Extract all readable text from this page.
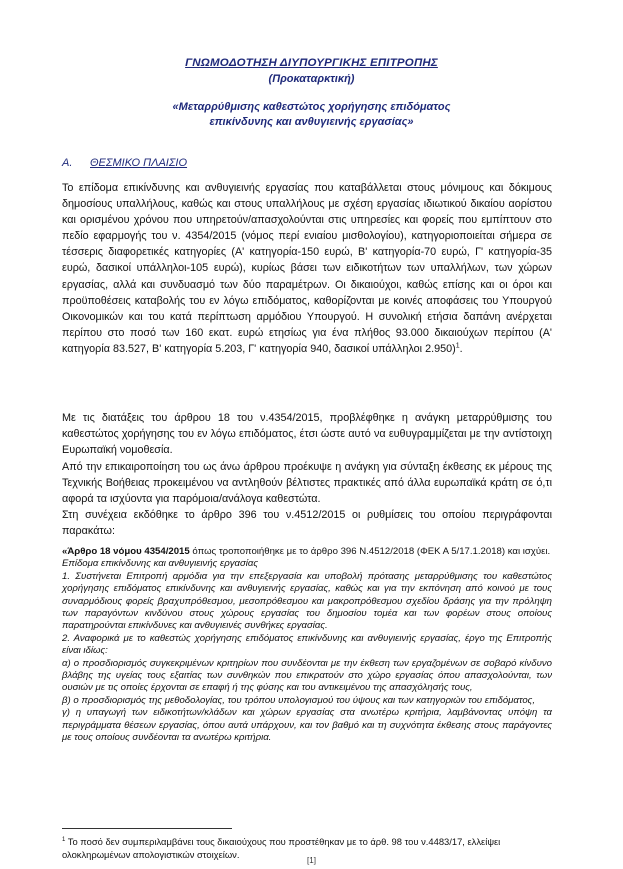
ΓΝΩΜΟΔΟΤΗΣΗ ΔΙΥΠΟΥΡΓΙΚΗΣ ΕΠΙΤΡΟΠΗΣ
(Προκαταρκτική)
«Μεταρρύθμισης καθεστώτος χορήγησης επιδόματος
επικίνδυνης και ανθυγιεινής εργασίας»
Α. ΘΕΣΜΙΚΟ ΠΛΑΙΣΙΟ
Το επίδομα επικίνδυνης και ανθυγιεινής εργασίας που καταβάλλεται στους μόνιμους και δόκιμους δημοσίους υπαλλήλους, καθώς και στους υπαλλήλους με σχέση εργασίας ιδιωτικού δικαίου αορίστου και ορισμένου χρόνου που υπηρετούν/απασχολούνται στις υπηρεσίες και φορείς που εμπίπτουν στο πεδίο εφαρμογής του ν. 4354/2015 (νόμος περί ενιαίου μισθολογίου), κατηγοριοποιείται σήμερα σε τέσσερις διαφορετικές κατηγορίες (Α' κατηγορία-150 ευρώ, Β' κατηγορία-70 ευρώ, Γ' κατηγορία-35 ευρώ, δασικοί υπάλληλοι-105 ευρώ), κυρίως βάσει των ειδικοτήτων των υπαλλήλων, των χώρων εργασίας, αλλά και συνδυασμό των δύο παραμέτρων. Οι δικαιούχοι, καθώς επίσης και οι όροι και προϋποθέσεις καταβολής του εν λόγω επιδόματος, καθορίζονται με κοινές αποφάσεις του Υπουργού Οικονομικών και του κατά περίπτωση αρμόδιου Υπουργού. Η συνολική ετήσια δαπάνη ανέρχεται περίπου στο ποσό των 160 εκατ. ευρώ ετησίως για ένα πλήθος 93.000 δικαιούχων περίπου (Α' κατηγορία 83.527, Β' κατηγορία 5.203, Γ' κατηγορία 940, δασικοί υπάλληλοι 2.950)$^1$.
Με τις διατάξεις του άρθρου 18 του ν.4354/2015, προβλέφθηκε η ανάγκη μεταρρύθμισης του καθεστώτος χορήγησης του εν λόγω επιδόματος, έτσι ώστε αυτό να ευθυγραμμίζεται με την αντίστοιχη Ευρωπαϊκή νομοθεσία.
Από την επικαιροποίηση του ως άνω άρθρου προέκυψε η ανάγκη για σύνταξη έκθεσης εκ μέρους της Τεχνικής Βοήθειας προκειμένου να αντληθούν βέλτιστες πρακτικές από άλλα ευρωπαϊκά κράτη σε ό,τι αφορά τα ισχύοντα για παρόμοια/ανάλογα καθεστώτα.
Στη συνέχεια εκδόθηκε το άρθρο 396 του ν.4512/2015 οι ρυθμίσεις του οποίου περιγράφονται παρακάτω:
«Άρθρο 18 νόμου 4354/2015 όπως τροποποιήθηκε με το άρθρο 396 Ν.4512/2018 (ΦΕΚ Α 5/17.1.2018) και ισχύει.
Επίδομα επικίνδυνης και ανθυγιεινής εργασίας
1. Συστήνεται Επιτροπή αρμόδια για την επεξεργασία και υποβολή πρότασης μεταρρύθμισης του καθεστώτος χορήγησης επιδόματος επικίνδυνης και ανθυγιεινής εργασίας, καθώς και για την εκπόνηση από κοινού με τους συναρμόδιους φορείς βραχυπρόθεσμου, μεσοπρόθεσμου και μακροπρόθεσμου σχεδίου δράσης για την πρόληψη των παραγόντων κινδύνου στους χώρους εργασίας του δημοσίου τομέα και των φορέων στους οποίους παρατηρούνται επικίνδυνες και ανθυγιεινές συνθήκες εργασίας.
2. Αναφορικά με το καθεστώς χορήγησης επιδόματος επικίνδυνης και ανθυγιεινής εργασίας, έργο της Επιτροπής είναι ιδίως:
α) ο προσδιορισμός συγκεκριμένων κριτηρίων που συνδέονται με την έκθεση των εργαζομένων σε σοβαρό κίνδυνο βλάβης της υγείας τους εξαιτίας των συνθηκών που επικρατούν στο χώρο εργασίας όπου απασχολούνται, των ουσιών με τις οποίες έρχονται σε επαφή ή της φύσης και του αντικειμένου της απασχόλησής τους,
β) ο προσδιορισμός της μεθοδολογίας, του τρόπου υπολογισμού του ύψους και των κατηγοριών του επιδόματος,
γ) η υπαγωγή των ειδικοτήτων/κλάδων και χώρων εργασίας στα ανωτέρω κριτήρια, λαμβάνοντας υπόψη τα περιγράμματα θέσεων εργασίας, όπου αυτά υπάρχουν, και τον βαθμό και τη συχνότητα έκθεσης στους παράγοντες με τους οποίους συνδέονται τα ανωτέρω κριτήρια.
$^1$ Το ποσό δεν συμπεριλαμβάνει τους δικαιούχους που προστέθηκαν με το άρθ. 98 του ν.4483/17, ελλείψει ολοκληρωμένων απολογιστικών στοιχείων.
[1]
